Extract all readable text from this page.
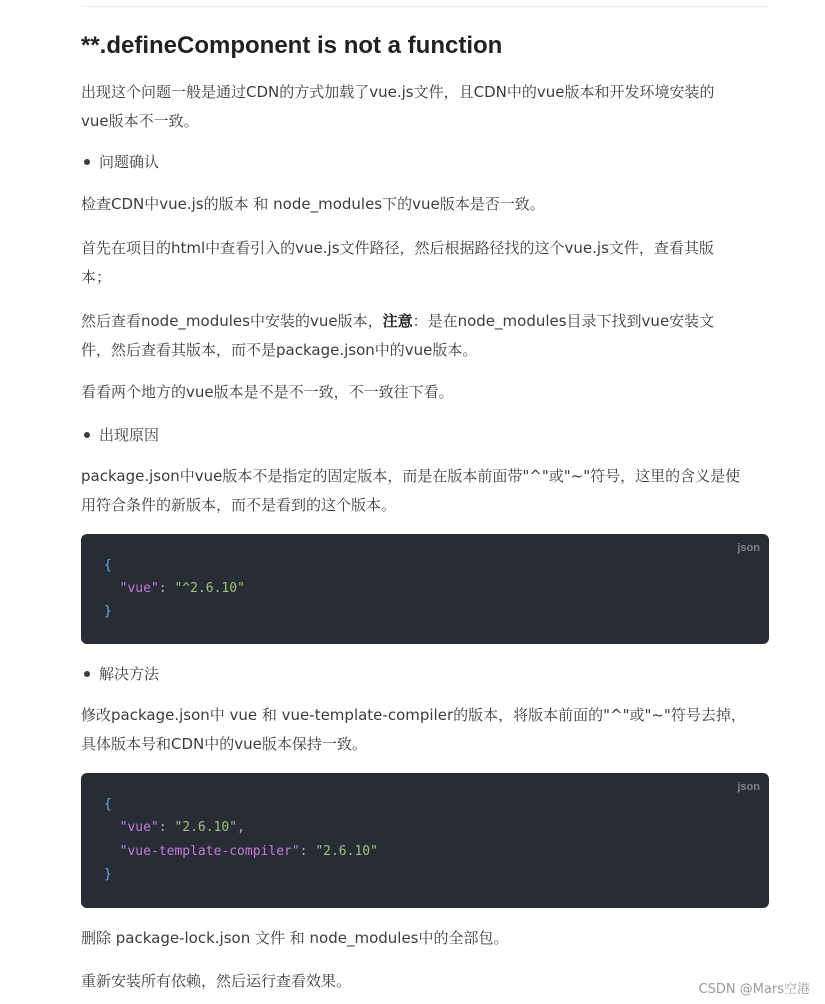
**.defineComponent is not a function

出现这个问题一般是通过CDN的方式加载了vue.js文件，且CDN中的vue版本和开发环境安装的
vue版本不一致。

问题确认

检查CDN中vue.js的版本 和 node_modules下的vue版本是否一致。

首先在项目的html中查看引入的vue.js文件路径，然后根据路径找的这个vue.js文件，查看其版
本；

然后查看node_modules中安装的vue版本，注意：是在node_modules目录下找到vue安装文
件，然后查看其版本，而不是package.json中的vue版本。

看看两个地方的vue版本是不是不一致，不一致往下看。

出现原因

package.json中vue版本不是指定的固定版本，而是在版本前面带"^"或"~"符号，这里的含义是使
用符合条件的新版本，而不是看到的这个版本。

json
{
"vue": "^2.6.10"
}
解决方法

修改package.json中 vue 和 vue-template-compiler的版本，将版本前面的"^"或"~"符号去掉，
具体版本号和CDN中的vue版本保持一致。

json
{
"vue": "2.6.10",
"vue-template-compiler": "2.6.10"
}

删除 package-lock.json 文件 和 node_modules中的全部包。

重新安装所有依赖，然后运行查看效果。	CSDN @Mars空港
